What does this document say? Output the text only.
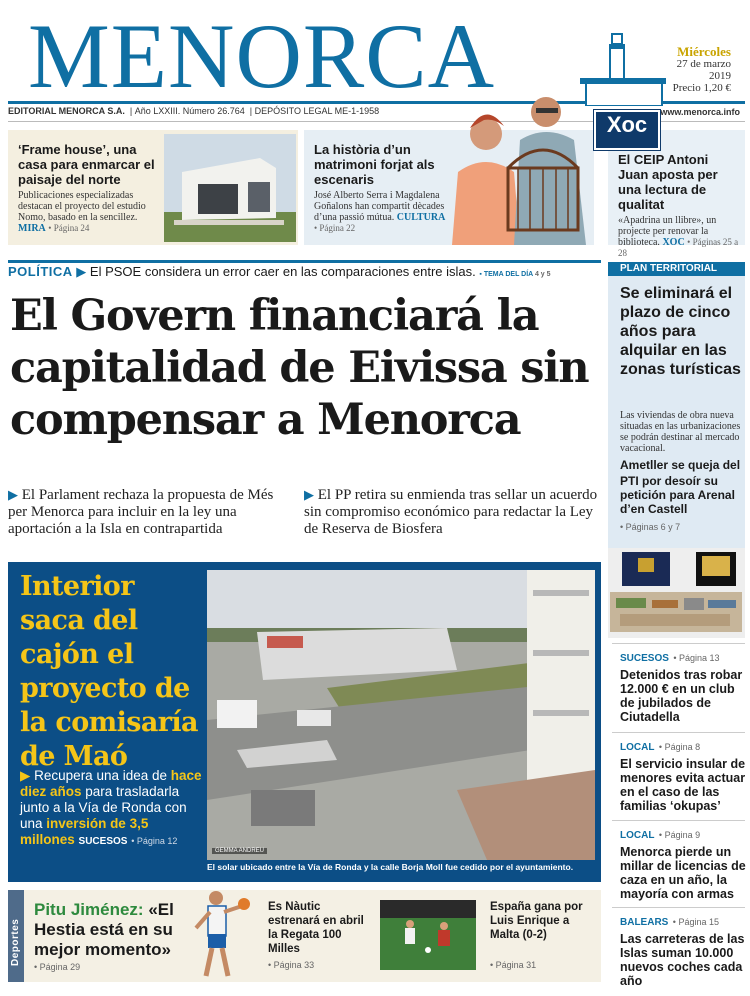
MENORCA	Miércoles
27 de marzo
2019
Precio 1,20 €
EDITORIAL MENORCA S.A. | Año LXXIII. Número 26.764 | DEPÓSITO LEGAL ME-1-1958	www.menorca.info
‘Frame house’, una casa para enmarcar el paisaje del norte
Publicaciones especializadas destacan el proyecto del estudio Nomo, basado en la sencillez. MIRA • Página 24
La història d’un matrimoni forjat als escenaris
José Alberto Serra i Magdalena Goñalons han compartit dècades d’una passió mútua. CULTURA • Página 22
Xoc
El CEIP Antoni Juan aposta per una lectura de qualitat
«Apadrina un llibre», un projecte per renovar la biblioteca. XOC • Páginas 25 a 28
POLÍTICA ▶ El PSOE considera un error caer en las comparaciones entre islas. ▪ TEMA DEL DÍA 4 y 5
El Govern financiará la capitalidad de Eivissa sin compensar a Menorca
▶ El Parlament rechaza la propuesta de Més per Menorca para incluir en la ley una aportación a la Isla en contrapartida
▶ El PP retira su enmienda tras sellar un acuerdo sin compromiso económico para redactar la Ley de Reserva de Biosfera
PLAN TERRITORIAL
Se eliminará el plazo de cinco años para alquilar en las zonas turísticas
Las viviendas de obra nueva situadas en las urbanizaciones se podrán destinar al mercado vacacional.
Ametller se queja del PTI por desoír su petición para Arenal d’en Castell
• Páginas 6 y 7
SUCESOS • Página 13
Detenidos tras robar 12.000 € en un club de jubilados de Ciutadella
LOCAL • Página 8
El servicio insular de menores evita actuar en el caso de las familias ‘okupas’
LOCAL • Página 9
Menorca pierde un millar de licencias de caza en un año, la mayoría con armas
BALEARS • Página 15
Las carreteras de las Islas suman 10.000 nuevos coches cada año
Interior saca del cajón el proyecto de la comisaría de Maó
▶ Recupera una idea de hace diez años para trasladarla junto a la Vía de Ronda con una inversión de 3,5 millones SUCESOS • Página 12
GEMMA ANDREU
El solar ubicado entre la Vía de Ronda y la calle Borja Moll fue cedido por el ayuntamiento.
Deportes
Pitu Jiménez: «El Hestia está en su mejor momento»
• Página 29
Es Nàutic estrenará en abril la Regata 100 Milles
• Página 33
España gana por Luis Enrique a Malta (0-2)
• Página 31
